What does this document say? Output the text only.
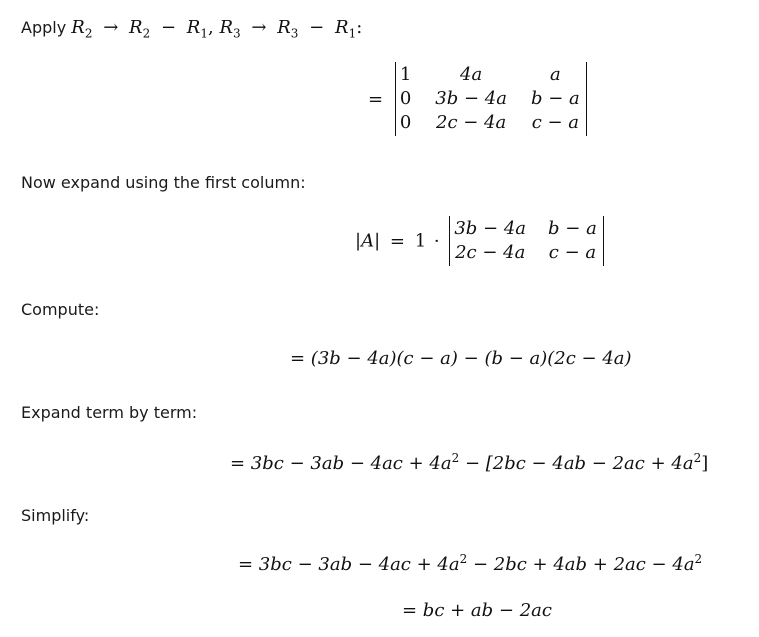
Apply $R_2 \to R_2 - R_1$, $R_3 \to R_3 - R_1$:
=
1	4a	a
0 3b − 4a b − a
0 2c − 4a c − a
Now expand using the first column:
|A| = 1 ·
3b − 4a b − a
2c − 4a c − a
Compute:
= (3b − 4a)(c − a) − (b − a)(2c − 4a)
Expand term by term:
= $3bc - 3ab - 4ac + 4a^2 - [2bc - 4ab - 2ac + 4a^2]$
Simplify:
= $3bc - 3ab - 4ac + 4a^2 - 2bc + 4ab + 2ac - 4a^2$
= bc + ab − 2ac
